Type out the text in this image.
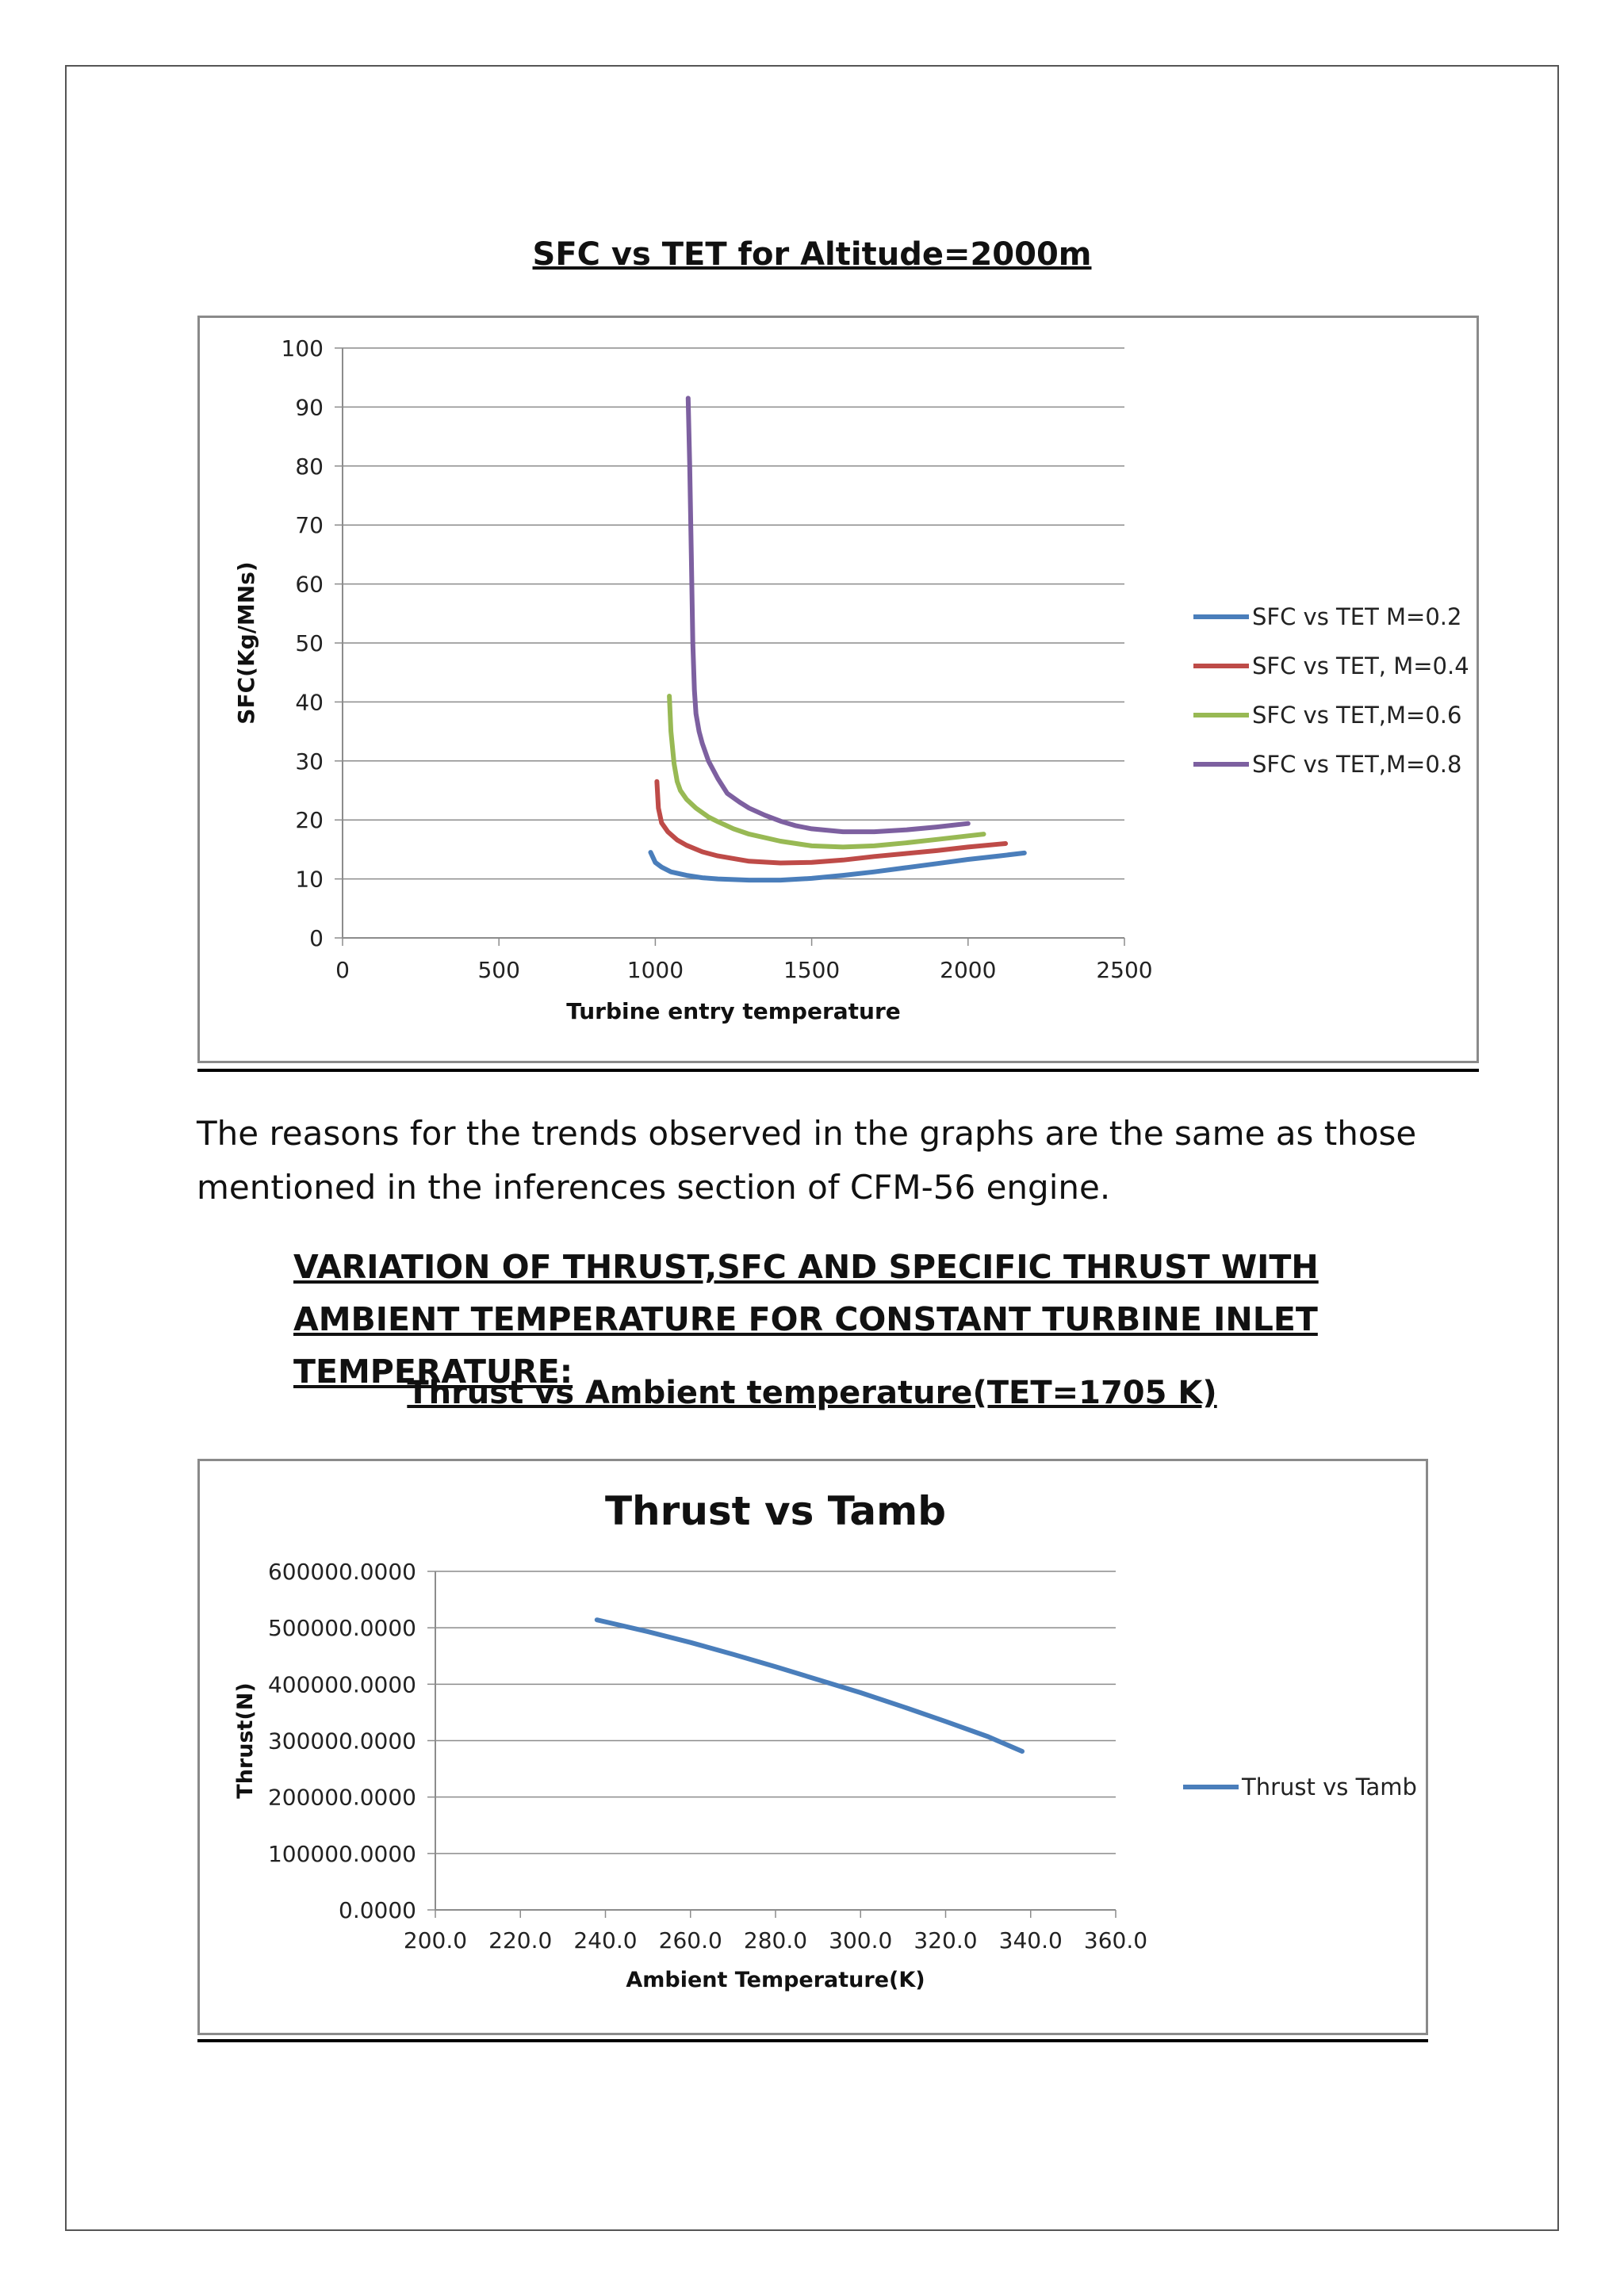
SFC vs TET for Altitude=2000m
0
10
20
30
40
50
60
70
80
90
100
0	500	1000	1500	2000	2500
Turbine entry temperature
SFC(Kg/MNs)	SFC vs TET M=0.2
SFC vs TET, M=0.4
SFC vs TET,M=0.6
SFC vs TET,M=0.8

The reasons for the trends observed in the graphs are the same as those mentioned in the inferences section of CFM-56 engine.

VARIATION OF THRUST,SFC AND SPECIFIC THRUST WITH AMBIENT TEMPERATURE FOR CONSTANT TURBINE INLET TEMPERATURE:

Thrust vs Ambient temperature(TET=1705 K)
Thrust vs Tamb
0.0000
100000.0000
200000.0000
300000.0000
400000.0000
500000.0000
600000.0000
200.0 220.0 240.0 260.0 280.0 300.0 320.0 340.0 360.0
Ambient Temperature(K)
Thrust(N)	Thrust vs Tamb
